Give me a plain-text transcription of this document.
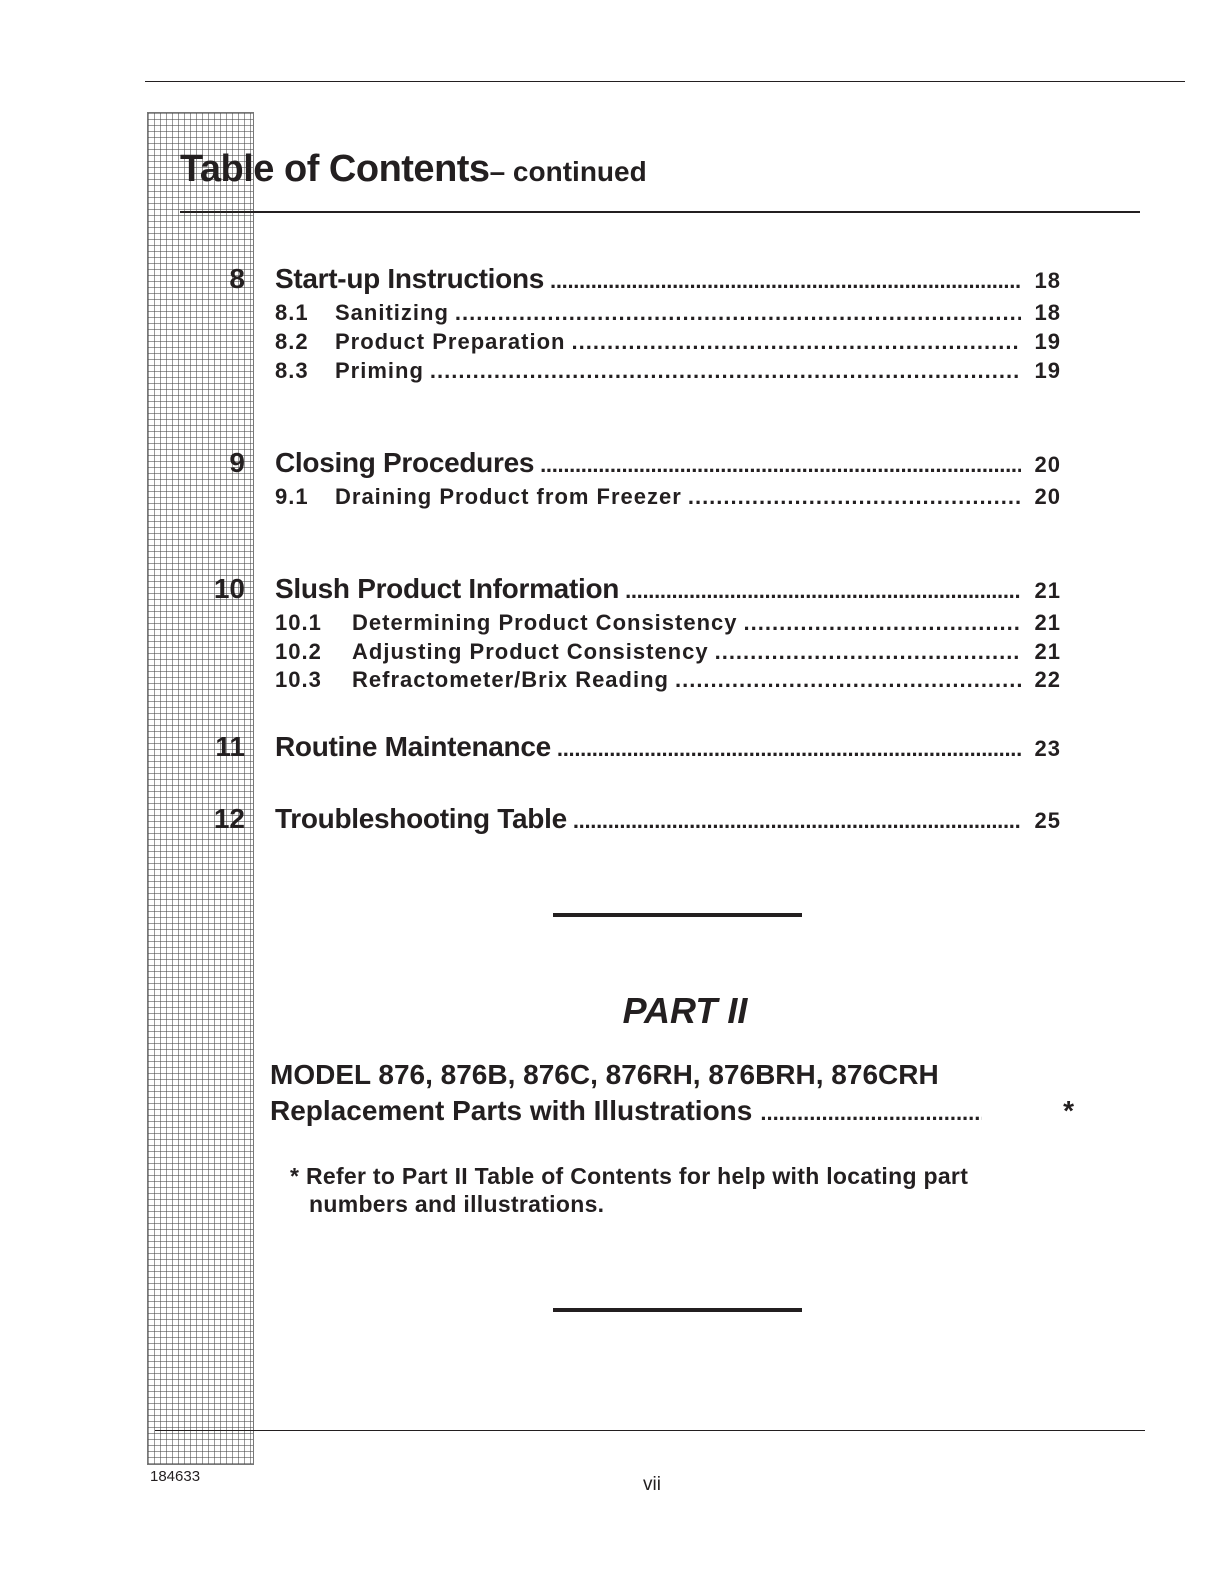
Table of Contents– continued
8 Start-up Instructions .....	18
8.1 Sanitizing .....	18
8.2 Product Preparation .....	19
8.3 Priming .....	19
9 Closing Procedures .....	20
9.1 Draining Product from Freezer .....	20
10 Slush Product Information .....	21
10.1 Determining Product Consistency .....	21
10.2 Adjusting Product Consistency .....	21
10.3 Refractometer/Brix Reading .....	22
11 Routine Maintenance .....	23
12 Troubleshooting Table .....	25
PART II
MODEL 876, 876B, 876C, 876RH, 876BRH, 876CRH
Replacement Parts with Illustrations .....	*
* Refer to Part II Table of Contents for help with locating part
numbers and illustrations.
184633	vii
